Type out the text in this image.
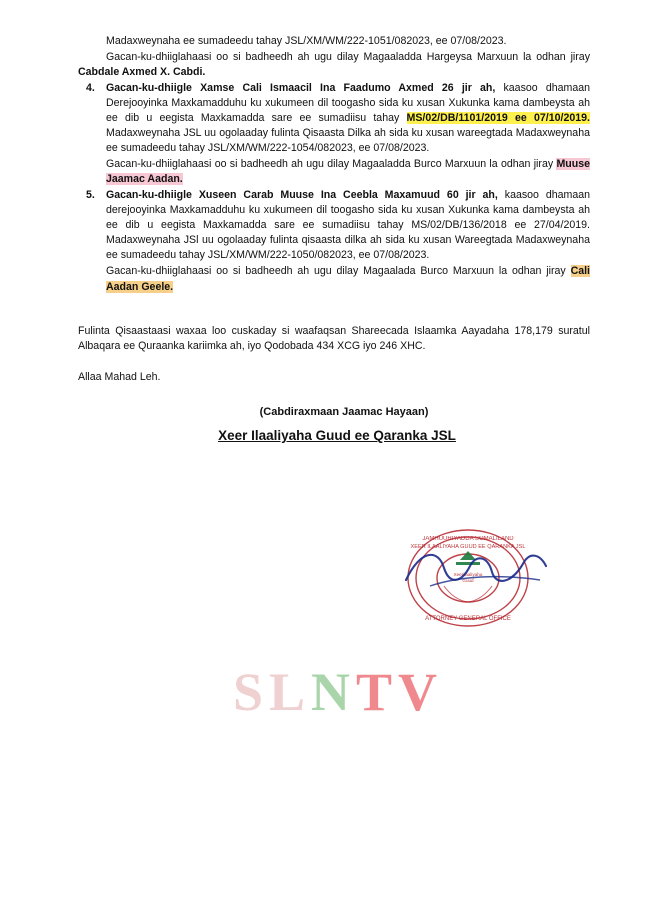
Madaxweynaha ee sumadeedu tahay JSL/XM/WM/222-1051/082023, ee 07/08/2023.

Gacan-ku-dhiiglahaasi oo si badheedh ah ugu dilay Magaaladda Hargeysa Marxuun la odhan jiray Cabdale Axmed X. Cabdi.

4. Gacan-ku-dhiigle Xamse Cali Ismaacil Ina Faadumo Axmed 26 jir ah, kaasoo dhamaan Derejooyinka Maxkamadduhu ku xukumeen dil toogasho sida ku xusan Xukunka kama dambeysta ah ee dib u eegista Maxkamadda sare ee sumadiisu tahay MS/02/DB/1101/2019 ee 07/10/2019. Madaxweynaha JSL uu ogolaaday fulinta Qisaasta Dilka ah sida ku xusan wareegtada Madaxweynaha ee sumadeedu tahay JSL/XM/WM/222-1054/082023, ee 07/08/2023.

Gacan-ku-dhiiglahaasi oo si badheedh ah ugu dilay Magaaladda Burco Marxuun la odhan jiray Muuse Jaamac Aadan.

5. Gacan-ku-dhiigle Xuseen Carab Muuse Ina Ceebla Maxamuud 60 jir ah, kaasoo dhamaan derejooyinka Maxkamadduhu ku xukumeen dil toogasho sida ku xusan Xukunka kama dambeysta ah ee dib u eegista Maxkamadda sare ee sumadiisu tahay MS/02/DB/136/2018 ee 27/04/2019. Madaxweynaha JSl uu ogolaaday fulinta qisaasta dilka ah sida ku xusan Wareegtada Madaxweynaha ee sumadeedu tahay JSL/XM/WM/222-1050/082023, ee 07/08/2023.

Gacan-ku-dhiiglahaasi oo si badheedh ah ugu dilay Magaalada Burco Marxuun la odhan jiray Cali Aadan Geele.

Fulinta Qisaastaasi waxaa loo cuskaday si waafaqsan Shareecada Islaamka Aayadaha 178,179 suratul Albaqara ee Quraanka kariimka ah, iyo Qodobada 434 XCG iyo 246 XHC.

Allaa Mahad Leh.

(Cabdiraxmaan Jaamac Hayaan)
Xeer Ilaaliyaha Guud ee Qaranka JSL
JAMHUURIYADDA SOMALILAND
XEER ILAALIYAHA GUUD EE QARANKA JSL
ATTORNEY GENERAL OFFICE
Xeerilaaliyaha
Guud
S L N T V
